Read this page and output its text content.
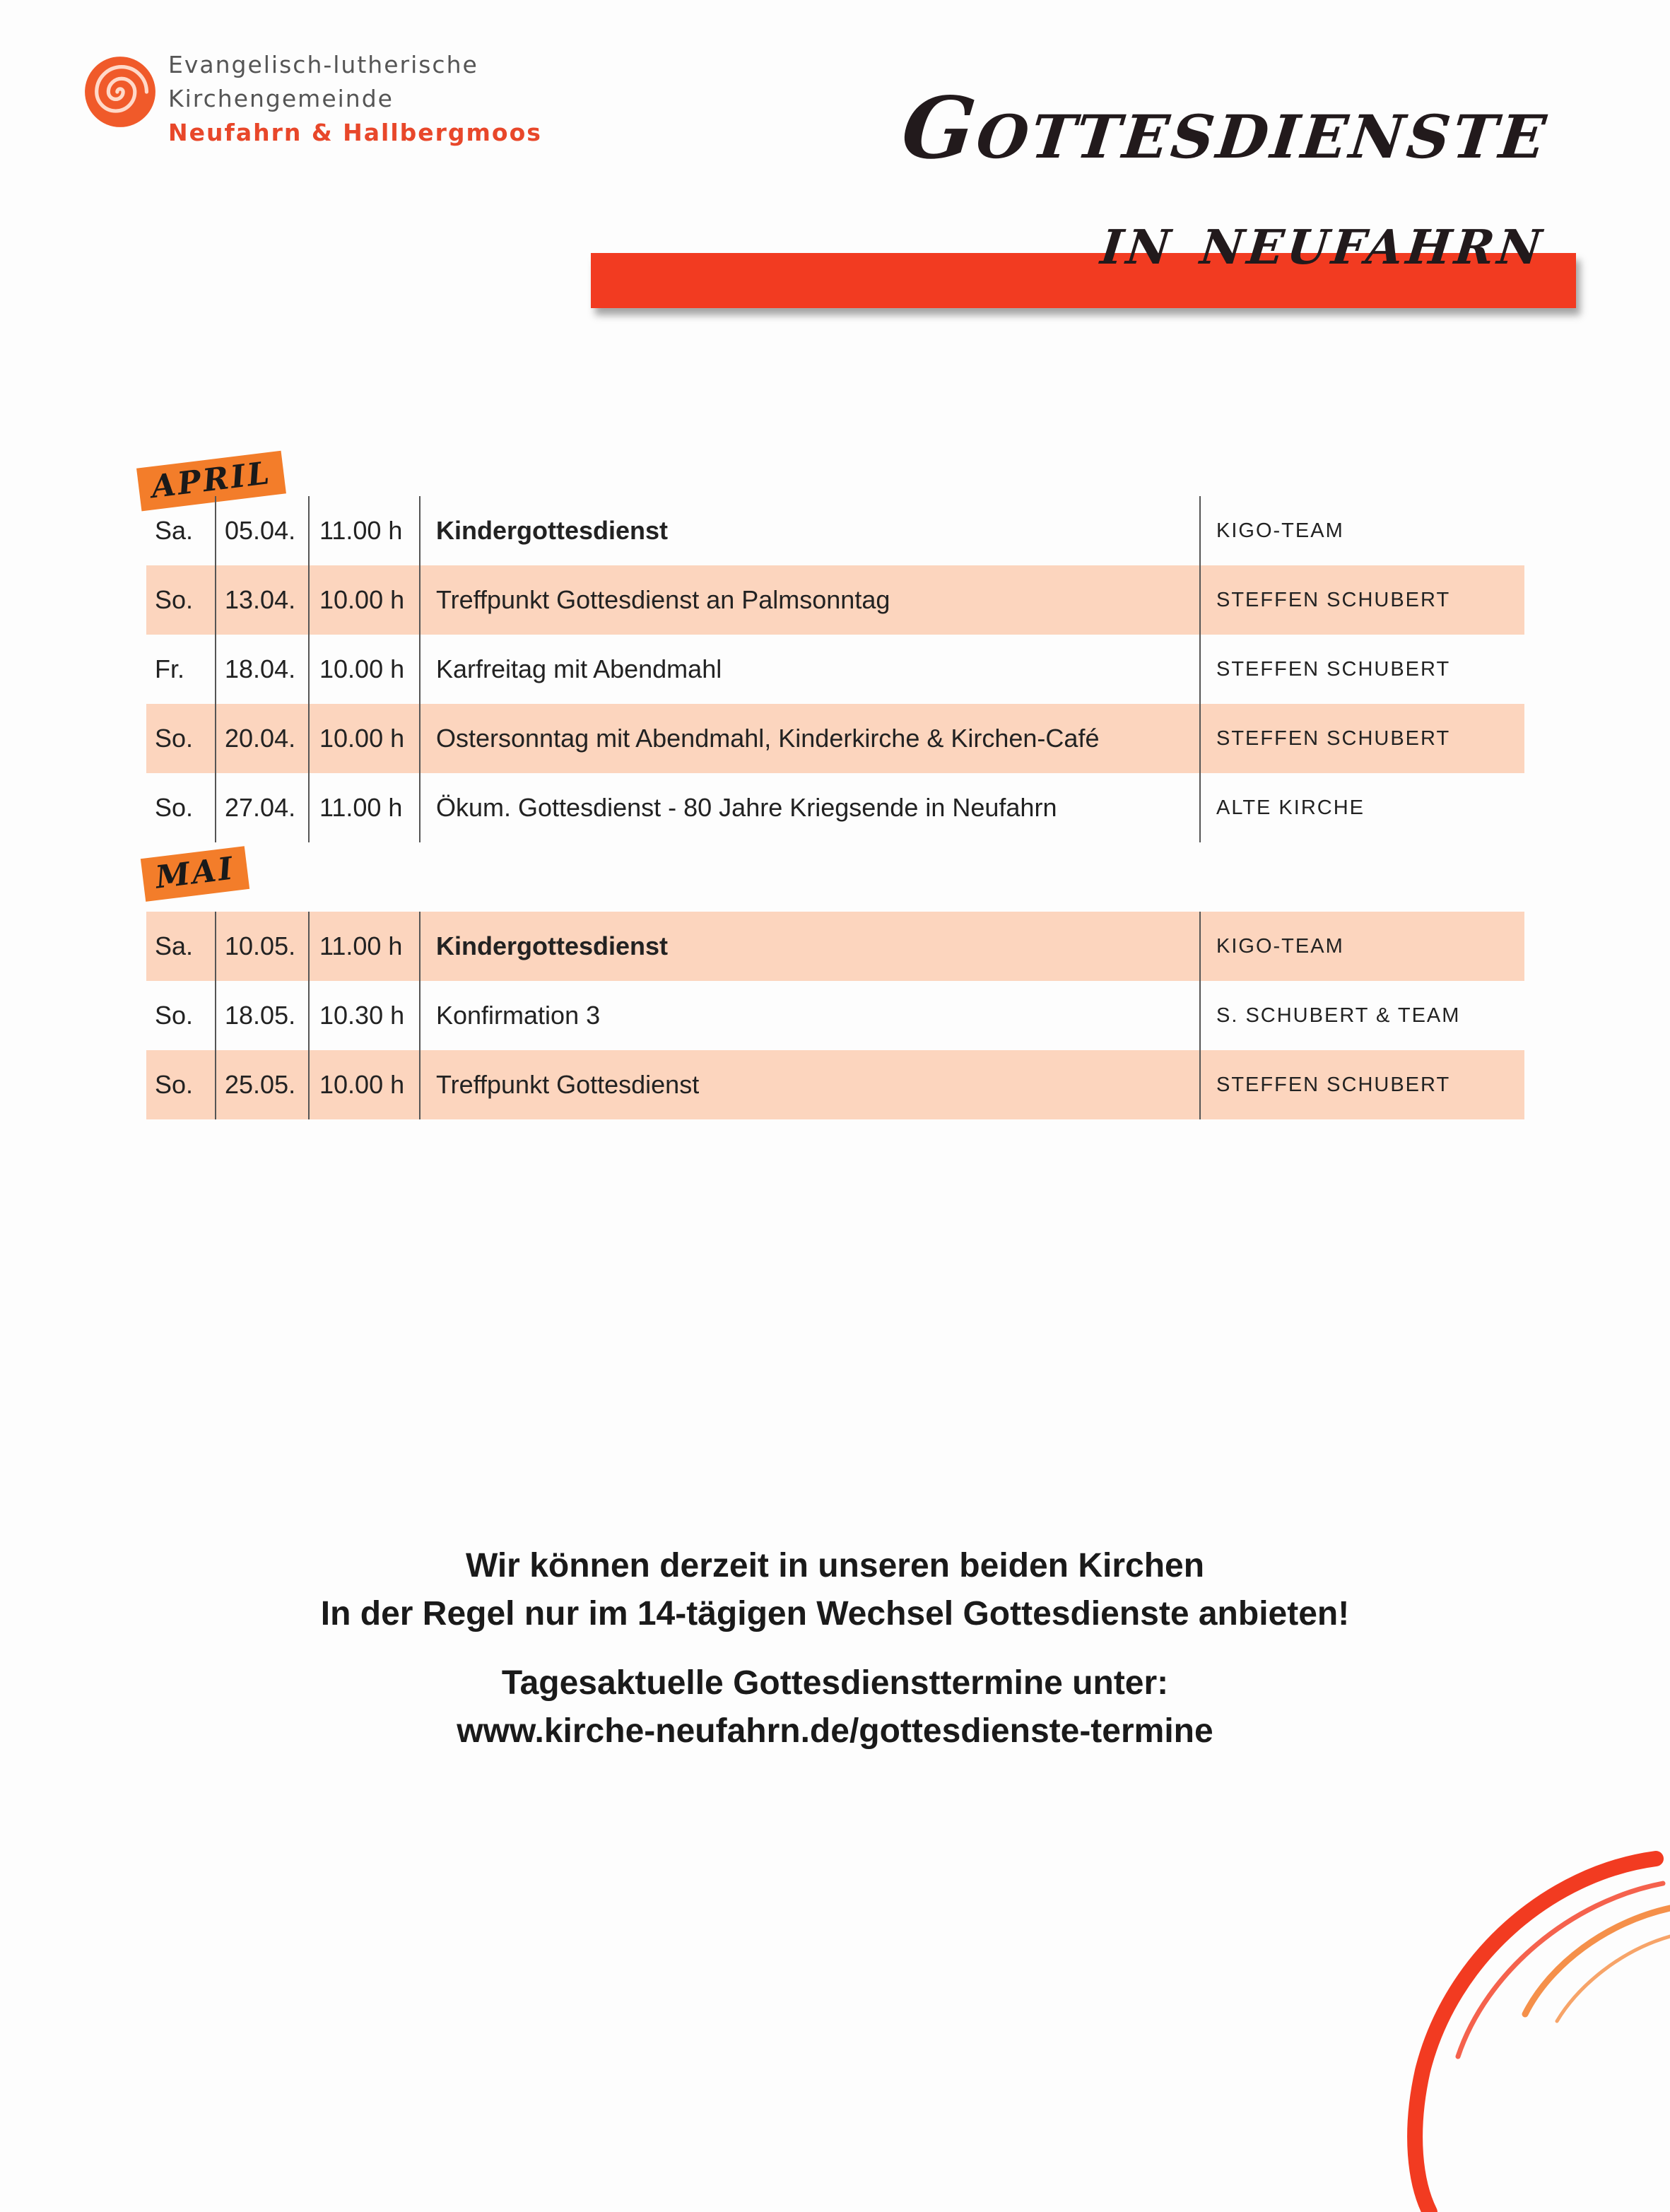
Evangelisch-lutherische
Kirchengemeinde
Neufahrn & Hallbergmoos	Gottesdienste
in neufahrn
APRIL
Sa.	05.04. 11.00 h	Kindergottesdienst	KIGO-TEAM
So.	13.04. 10.00 h	Treffpunkt Gottesdienst an Palmsonntag	STEFFEN SCHUBERT
Fr.	18.04. 10.00 h	Karfreitag mit Abendmahl	STEFFEN SCHUBERT
So.	20.04. 10.00 h	Ostersonntag mit Abendmahl, Kinderkirche & Kirchen-Café	STEFFEN SCHUBERT
So.	27.04. 11.00 h	Ökum. Gottesdienst - 80 Jahre Kriegsende in Neufahrn	ALTE KIRCHE
MAI
Sa.	10.05. 11.00 h	Kindergottesdienst	KIGO-TEAM
So.	18.05. 10.30 h	Konfirmation 3	S. SCHUBERT & TEAM
So.	25.05. 10.00 h	Treffpunkt Gottesdienst	STEFFEN SCHUBERT
Wir können derzeit in unseren beiden Kirchen
In der Regel nur im 14-tägigen Wechsel Gottesdienste anbieten!
Tagesaktuelle Gottesdiensttermine unter:
www.kirche-neufahrn.de/gottesdienste-termine
